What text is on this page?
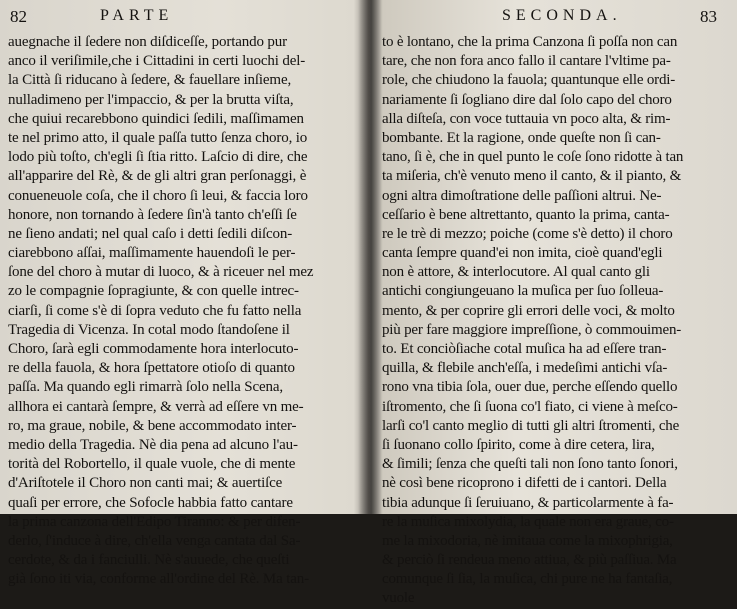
82	PARTE
auegnache il ſedere non diſdiceſſe, portando pur
anco il veriſimile,che i Cittadini in certi luochi del-
la Città ſi riducano à ſedere, & fauellare inſieme,
nulladimeno per l'impaccio, & per la brutta viſta,
che quiui recarebbono quindici ſedili, maſſimamen
te nel primo atto, il quale paſſa tutto ſenza choro, io
lodo più toſto, ch'egli ſi ſtia ritto. Laſcio di dire, che
all'apparire del Rè, & de gli altri gran perſonaggi, è
conueneuole coſa, che il choro ſi leui, & faccia loro
honore, non tornando à ſedere ſin'à tanto ch'eſſi ſe
ne ſieno andati; nel qual caſo i detti ſedili diſcon-
ciarebbono aſſai, maſſimamente hauendoſi le per-
ſone del choro à mutar di luoco, & à riceuer nel mez
zo le compagnie ſopragiunte, & con quelle intrec-
ciarſi, ſi come s'è di ſopra veduto che fu fatto nella
Tragedia di Vicenza. In cotal modo ſtandoſene il
Choro, ſarà egli commodamente hora interlocuto-
re della fauola, & hora ſpettatore otioſo di quanto
paſſa. Ma quando egli rimarrà ſolo nella Scena,
allhora ei cantarà ſempre, & verrà ad eſſere vn me-
ro, ma graue, nobile, & bene accommodato inter-
medio della Tragedia. Nè dia pena ad alcuno l'au-
torità del Robortello, il quale vuole, che di mente
d'Ariſtotele il Choro non canti mai; & auertiſce
quaſi per errore, che Sofocle habbia fatto cantare
la prima canzona dell'Edipo Tiranno: & per difen-
derlo, ſ'induce à dire, ch'ella venga cantata dal Sa-
cerdote, & da i fanciulli. Nè s'auuede, che queſti
già ſono iti via, conforme all'ordine del Rè. Ma tan-
SECONDA.	83
to è lontano, che la prima Canzona ſi poſſa non can
tare, che non fora anco fallo il cantare l'vltime pa-
role, che chiudono la fauola; quantunque elle ordi-
nariamente ſi ſogliano dire dal ſolo capo del choro
alla diſteſa, con voce tuttauia vn poco alta, & rim-
bombante. Et la ragione, onde queſte non ſi can-
tano, ſi è, che in quel punto le coſe ſono ridotte à tan
ta miſeria, ch'è venuto meno il canto, & il pianto, &
ogni altra dimoſtratione delle paſſioni altrui. Ne-
ceſſario è bene altrettanto, quanto la prima, canta-
re le trè di mezzo; poiche (come s'è detto) il choro
canta ſempre quand'ei non imita, cioè quand'egli
non è attore, & interlocutore. Al qual canto gli
antichi congiungeuano la muſica per ſuo ſolleua-
mento, & per coprire gli errori delle voci, & molto
più per fare maggiore impreſſione, ò commouimen-
to. Et conciòſiache cotal muſica ha ad eſſere tran-
quilla, & flebile anch'eſſa, i medeſimi antichi vſa-
rono vna tibia ſola, ouer due, perche eſſendo quello
iſtromento, che ſi ſuona co'l fiato, ci viene à meſco-
larſi co'l canto meglio di tutti gli altri ſtromenti, che
ſi ſuonano collo ſpirito, come à dire cetera, lira,
& ſimili; ſenza che queſti tali non ſono tanto ſonori,
nè così bene ricoprono i difetti de i cantori. Della
tibia adunque ſi ſeruiuano, & particolarmente à fa-
re la muſica mixolydia, la quale non era graue, co-
me la mixodoria, nè imitaua come la mixophrigia,
& perciò ſi rendeua meno attiua, & più paſſiua. Ma
comunque ſi ſia, la muſica, chi pure ne ha fantaſia,
vuole
